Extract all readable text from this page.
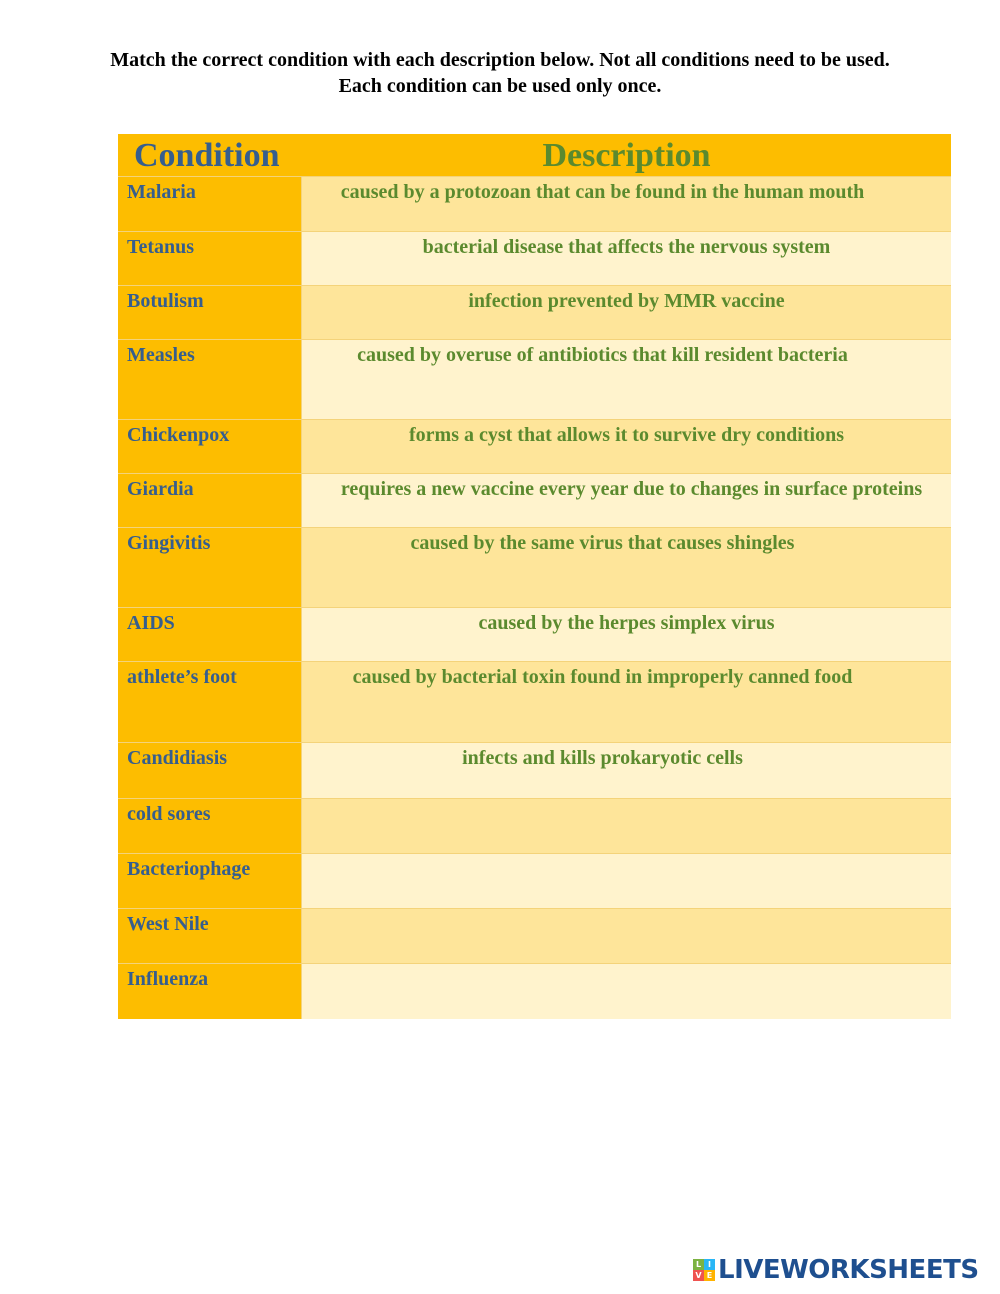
Match the correct condition with each description below. Not all conditions need to be used. Each condition can be used only once.
Condition	Description
Malaria	caused by a protozoan that can be found in the human mouth
Tetanus	bacterial disease that affects the nervous system
Botulism	infection prevented by MMR vaccine
Measles	caused by overuse of antibiotics that kill resident bacteria
Chickenpox	forms a cyst that allows it to survive dry conditions
Giardia	requires a new vaccine every year due to changes in surface proteins
Gingivitis	caused by the same virus that causes shingles
AIDS	caused by the herpes simplex virus
athlete’s foot	caused by bacterial toxin found in improperly canned food
Candidiasis	infects and kills prokaryotic cells
cold sores
Bacteriophage
West Nile
Influenza
L I
V E LIVEWORKSHEETS
